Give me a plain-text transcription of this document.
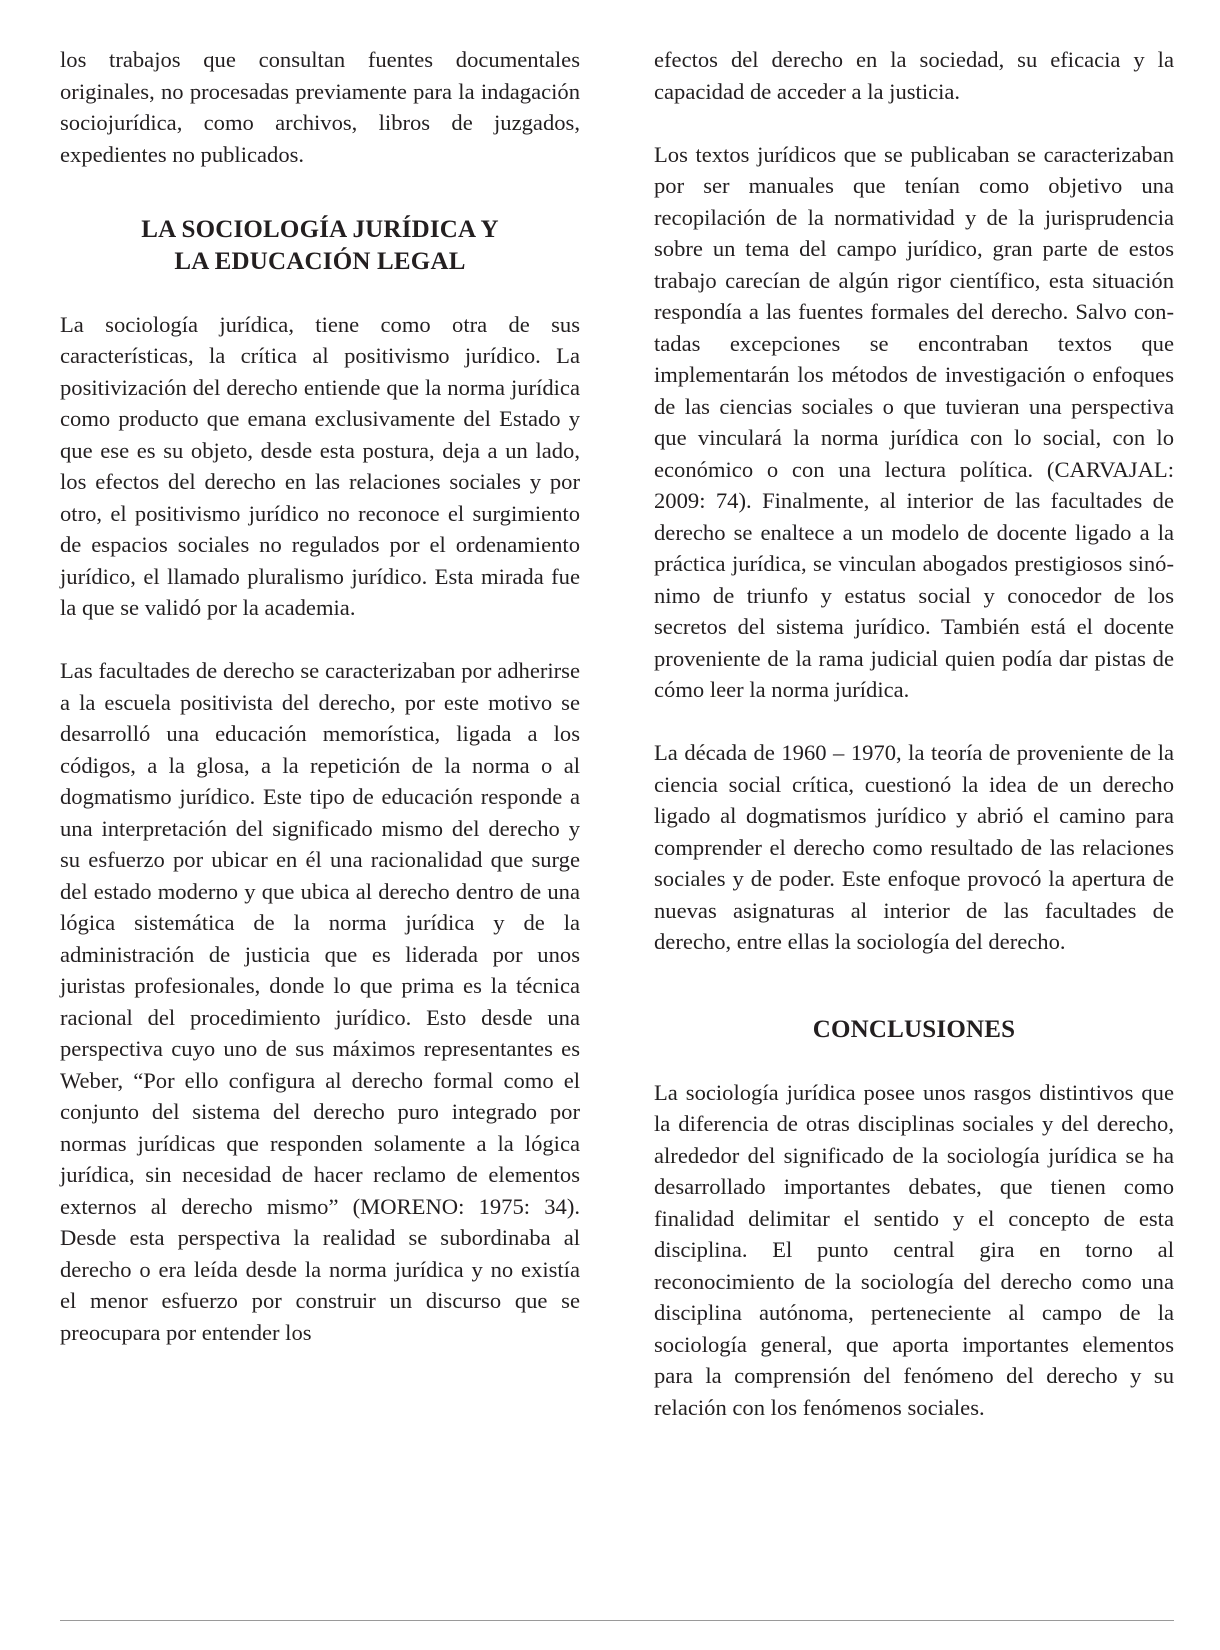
los trabajos que consultan fuentes documentales originales, no procesadas previamente para la indagación sociojurídica, como archivos, libros de juzgados, expedientes no publicados.

LA SOCIOLOGÍA JURÍDICA Y
LA EDUCACIÓN LEGAL

La sociología jurídica, tiene como otra de sus características, la crítica al positivismo jurídico. La positivización del derecho entiende que la norma jurídica como producto que emana exclusivamente del Estado y que ese es su objeto, desde esta postura, deja a un lado, los efectos del derecho en las relaciones sociales y por otro, el positivismo jurídico no reconoce el surgimiento de espacios sociales no regulados por el ordenamiento jurídico, el llamado pluralismo jurídico. Esta mirada fue la que se validó por la academia.

Las facultades de derecho se caracterizaban por adherirse a la escuela positivista del derecho, por este motivo se desarrolló una educación memorística, ligada a los códigos, a la glosa, a la repetición de la norma o al dogmatismo jurídico. Este tipo de educación responde a una interpretación del significado mismo del derecho y su esfuerzo por ubicar en él una racionalidad que surge del estado moderno y que ubica al derecho dentro de una lógica sistemática de la norma jurídica y de la administración de justicia que es liderada por unos juristas profesionales, donde lo que prima es la técnica racional del procedimiento jurídico. Esto desde una perspectiva cuyo uno de sus máximos representantes es Weber, “Por ello configura al derecho formal como el conjunto del sistema del derecho puro integrado por normas jurídicas que responden solamente a la lógica jurídica, sin necesidad de hacer reclamo de elementos externos al derecho mismo” (MORENO: 1975: 34). Desde esta perspectiva la realidad se subordinaba al derecho o era leída desde la norma jurídica y no existía el menor esfuerzo por construir un discurso que se preocupara por entender los

efectos del derecho en la sociedad, su eficacia y la capacidad de acceder a la justicia.

Los textos jurídicos que se publicaban se caracterizaban por ser manuales que tenían como objetivo una recopilación de la normatividad y de la jurisprudencia sobre un tema del campo jurídico, gran parte de estos trabajo carecían de algún rigor científico, esta situación respondía a las fuentes formales del derecho. Salvo contadas excepciones se encontraban textos que implementarán los métodos de investigación o enfoques de las ciencias sociales o que tuvieran una perspectiva que vinculará la norma jurídica con lo social, con lo económico o con una lectura política. (CARVAJAL: 2009: 74). Finalmente, al interior de las facultades de derecho se enaltece a un modelo de docente ligado a la práctica jurídica, se vinculan abogados prestigiosos sinónimo de triunfo y estatus social y conocedor de los secretos del sistema jurídico. También está el docente proveniente de la rama judicial quien podía dar pistas de cómo leer la norma jurídica.

La década de 1960 – 1970, la teoría de proveniente de la ciencia social crítica, cuestionó la idea de un derecho ligado al dogmatismos jurídico y abrió el camino para comprender el derecho como resultado de las relaciones sociales y de poder. Este enfoque provocó la apertura de nuevas asignaturas al interior de las facultades de derecho, entre ellas la sociología del derecho.

CONCLUSIONES

La sociología jurídica posee unos rasgos distintivos que la diferencia de otras disciplinas sociales y del derecho, alrededor del significado de la sociología jurídica se ha desarrollado importantes debates, que tienen como finalidad delimitar el sentido y el concepto de esta disciplina. El punto central gira en torno al reconocimiento de la sociología del derecho como una disciplina autónoma, perteneciente al campo de la sociología general, que aporta importantes elementos para la comprensión del fenómeno del derecho y su relación con los fenómenos sociales.
